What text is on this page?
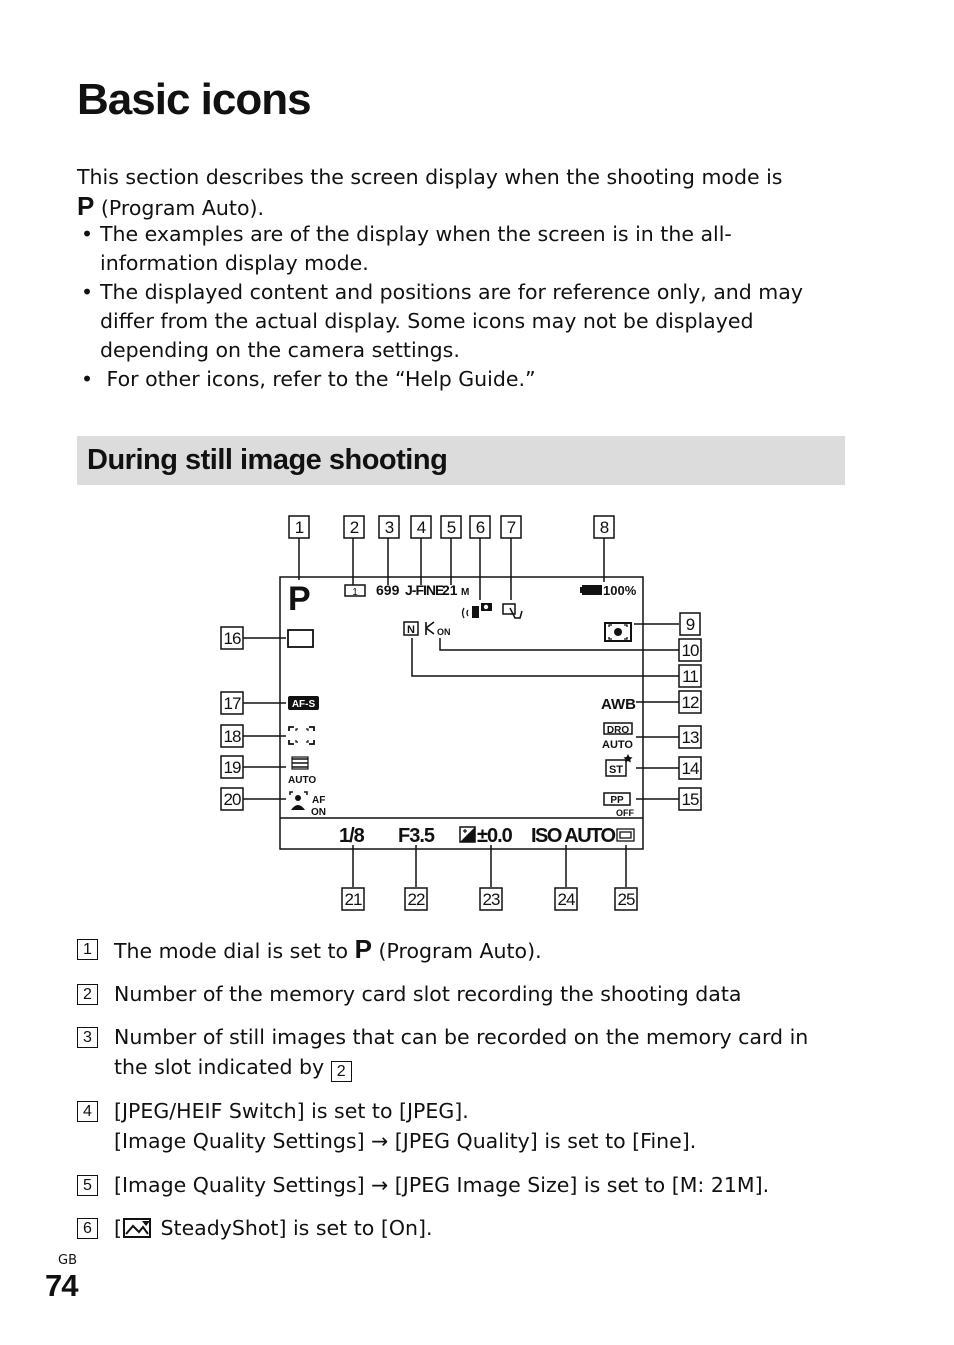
Basic icons

This section describes the screen display when the shooting mode is
P (Program Auto).

• The examples are of the display when the screen is in the all-information display mode.

• The displayed content and positions are for reference only, and may differ from the actual display. Some icons may not be displayed depending on the camera settings.

• For other icons, refer to the “Help Guide.”

During still image shooting
1	2 3 4 5 6 7	8
9
10
11
12
13
14
15
16
17
18
19
20
21	22	23	24	25
P	1 699 J-FINE
21 M	100%
N ON
AF-S
AUTO
AF
ON
AWB
DRO
AUTO
ST
PP
OFF
1/8 F3.5 ±0.0 ISO AUTO
1 The mode dial is set to P (Program Auto).
2 Number of the memory card slot recording the shooting data
3 Number of still images that can be recorded on the memory card in
the slot indicated by 2
4 [JPEG/HEIF Switch] is set to [JPEG].
[Image Quality Settings] → [JPEG Quality] is set to [Fine].
5 [Image Quality Settings] → [JPEG Image Size] is set to [M: 21M].
6 [ SteadyShot] is set to [On].
GB
74
